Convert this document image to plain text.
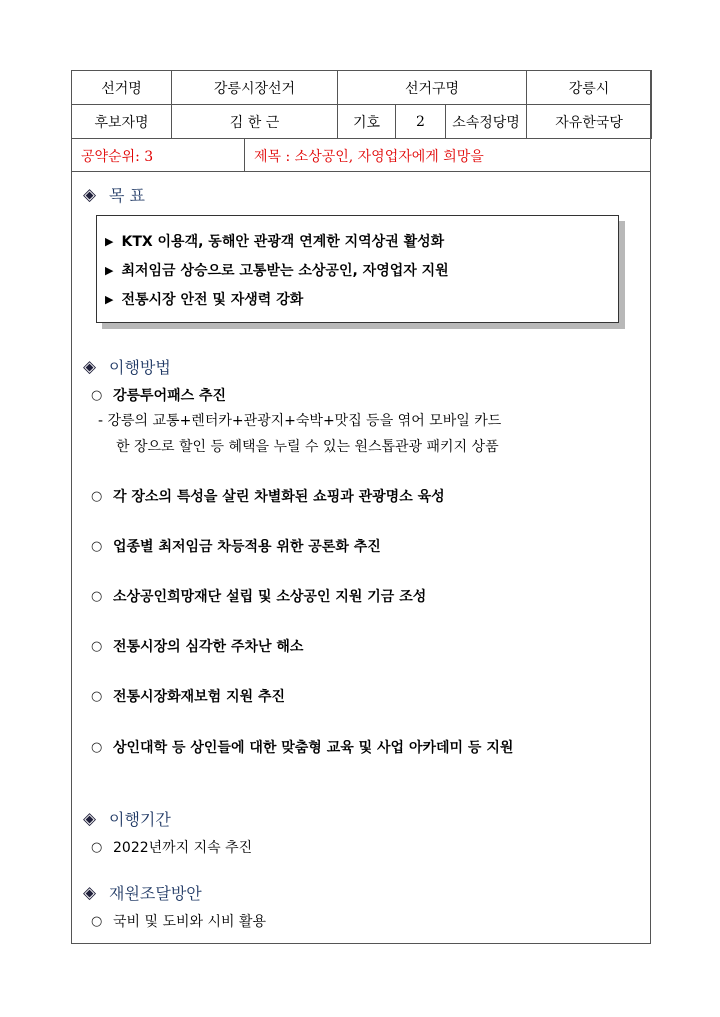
선거명	강릉시장선거	선거구명			강릉시
후보자명	김 한 근	기호	2	소속정당명	자유한국당
공약순위: 3	제목 : 소상공인, 자영업자에게 희망을
◈ 목 표
▶ KTX 이용객, 동해안 관광객 연계한 지역상권 활성화
▶ 최저임금 상승으로 고통받는 소상공인, 자영업자 지원
▶ 전통시장 안전 및 자생력 강화
◈ 이행방법
○ 강릉투어패스 추진
- 강릉의 교통+렌터카+관광지+숙박+맛집 등을 엮어 모바일 카드
한 장으로 할인 등 혜택을 누릴 수 있는 원스톱관광 패키지 상품
○ 각 장소의 특성을 살린 차별화된 쇼핑과 관광명소 육성
○ 업종별 최저임금 차등적용 위한 공론화 추진
○ 소상공인희망재단 설립 및 소상공인 지원 기금 조성
○ 전통시장의 심각한 주차난 해소
○ 전통시장화재보험 지원 추진
○ 상인대학 등 상인들에 대한 맞춤형 교육 및 사업 아카데미 등 지원
◈ 이행기간
○ 2022년까지 지속 추진
◈ 재원조달방안
○ 국비 및 도비와 시비 활용
